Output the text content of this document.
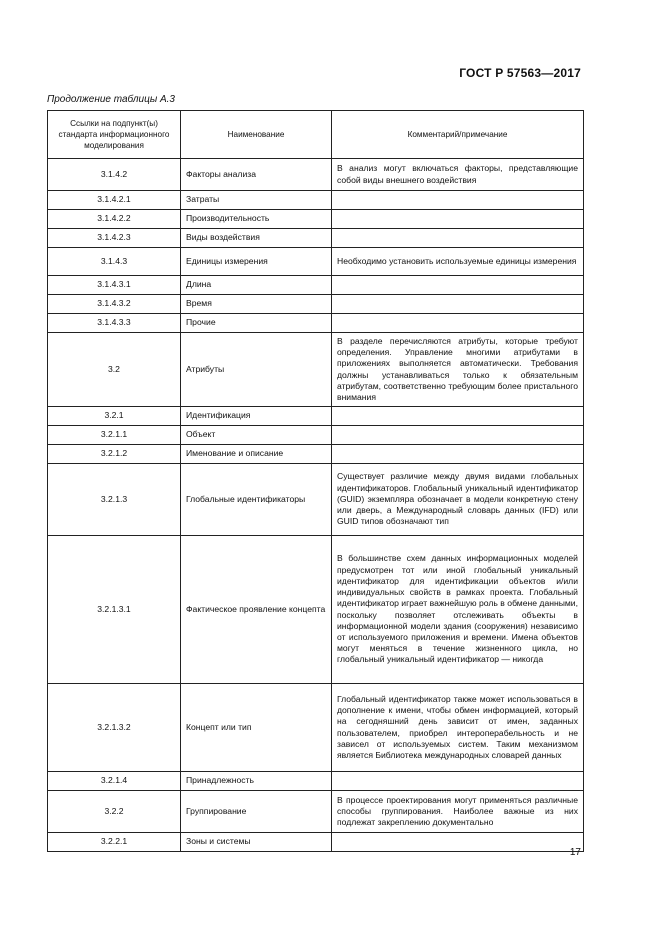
ГОСТ Р 57563—2017
Продолжение таблицы А.3
Ссылки на подпункт(ы) стандарта информационного моделирования	Наименование	Комментарий/примечание
3.1.4.2	Факторы анализа	В анализ могут включаться факторы, представляющие собой виды внешнего воздействия
3.1.4.2.1	Затраты	
3.1.4.2.2	Производительность	
3.1.4.2.3	Виды воздействия	
3.1.4.3	Единицы измерения	Необходимо установить используемые единицы измерения
3.1.4.3.1	Длина	
3.1.4.3.2	Время	
3.1.4.3.3	Прочие	
3.2	Атрибуты	В разделе перечисляются атрибуты, которые требуют определения. Управление многими атрибутами в приложениях выполняется автоматически. Требования должны устанавливаться только к обязательным атрибутам, соответственно требующим более пристального внимания
3.2.1	Идентификация	
3.2.1.1	Объект	
3.2.1.2	Именование и описание	
3.2.1.3	Глобальные идентификаторы	Существует различие между двумя видами глобальных идентификаторов. Глобальный уникальный идентификатор (GUID) экземпляра обозначает в модели конкретную стену или дверь, а Международный словарь данных (IFD) или GUID типов обозначают тип
3.2.1.3.1	Фактическое проявление концепта	В большинстве схем данных информационных моделей предусмотрен тот или иной глобальный уникальный идентификатор для идентификации объектов и/или индивидуальных свойств в рамках проекта. Глобальный идентификатор играет важнейшую роль в обмене данными, поскольку позволяет отслеживать объекты в информационной модели здания (сооружения) независимо от используемого приложения и времени. Имена объектов могут меняться в течение жизненного цикла, но глобальный уникальный идентификатор — никогда
3.2.1.3.2	Концепт или тип	Глобальный идентификатор также может использоваться в дополнение к имени, чтобы обмен информацией, который на сегодняшний день зависит от имен, заданных пользователем, приобрел интероперабельность и не зависел от используемых систем. Таким механизмом является Библиотека международных словарей данных
3.2.1.4	Принадлежность	
3.2.2	Группирование	В процессе проектирования могут применяться различные способы группирования. Наиболее важные из них подлежат закреплению документально
3.2.2.1	Зоны и системы	
17
